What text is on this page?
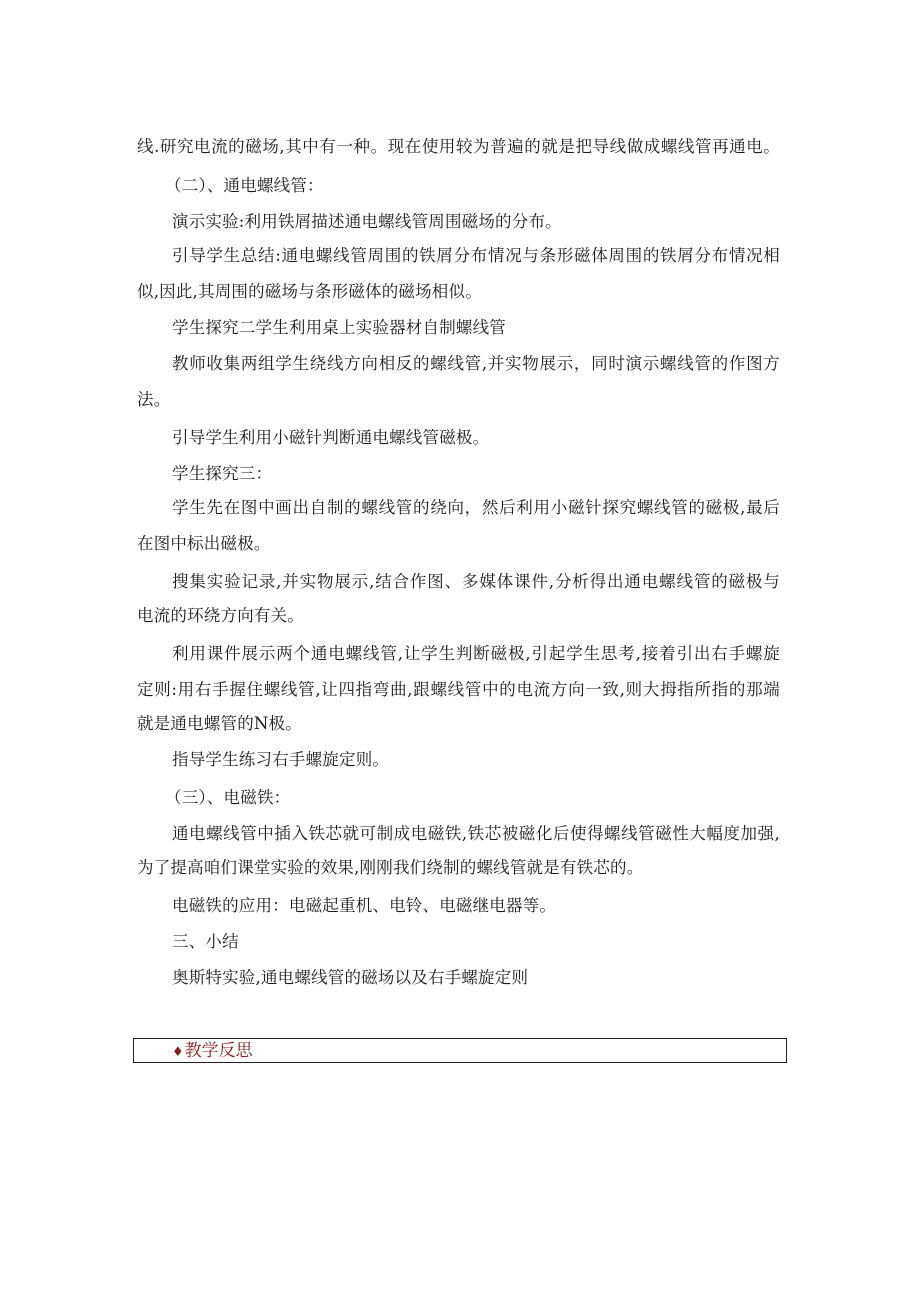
线.研究电流的磁场,其中有一种。现在使用较为普遍的就是把导线做成螺线管再通电。
（二）、通电螺线管：
演示实验:利用铁屑描述通电螺线管周围磁场的分布。
引导学生总结:通电螺线管周围的铁屑分布情况与条形磁体周围的铁屑分布情况相
似,因此,其周围的磁场与条形磁体的磁场相似。
学生探究二学生利用桌上实验器材自制螺线管
教师收集两组学生绕线方向相反的螺线管,并实物展示，同时演示螺线管的作图方
法。
引导学生利用小磁针判断通电螺线管磁极。
学生探究三：
学生先在图中画出自制的螺线管的绕向，然后利用小磁针探究螺线管的磁极,最后
在图中标出磁极。
搜集实验记录,并实物展示,结合作图、多媒体课件,分析得出通电螺线管的磁极与
电流的环绕方向有关。
利用课件展示两个通电螺线管,让学生判断磁极,引起学生思考,接着引出右手螺旋
定则:用右手握住螺线管,让四指弯曲,跟螺线管中的电流方向一致,则大拇指所指的那端
就是通电螺管的N极。
指导学生练习右手螺旋定则。
（三）、电磁铁：
通电螺线管中插入铁芯就可制成电磁铁,铁芯被磁化后使得螺线管磁性大幅度加强,
为了提高咱们课堂实验的效果,刚刚我们绕制的螺线管就是有铁芯的。
电磁铁的应用：电磁起重机、电铃、电磁继电器等。
三、小结
奥斯特实验,通电螺线管的磁场以及右手螺旋定则
♦教学反思
